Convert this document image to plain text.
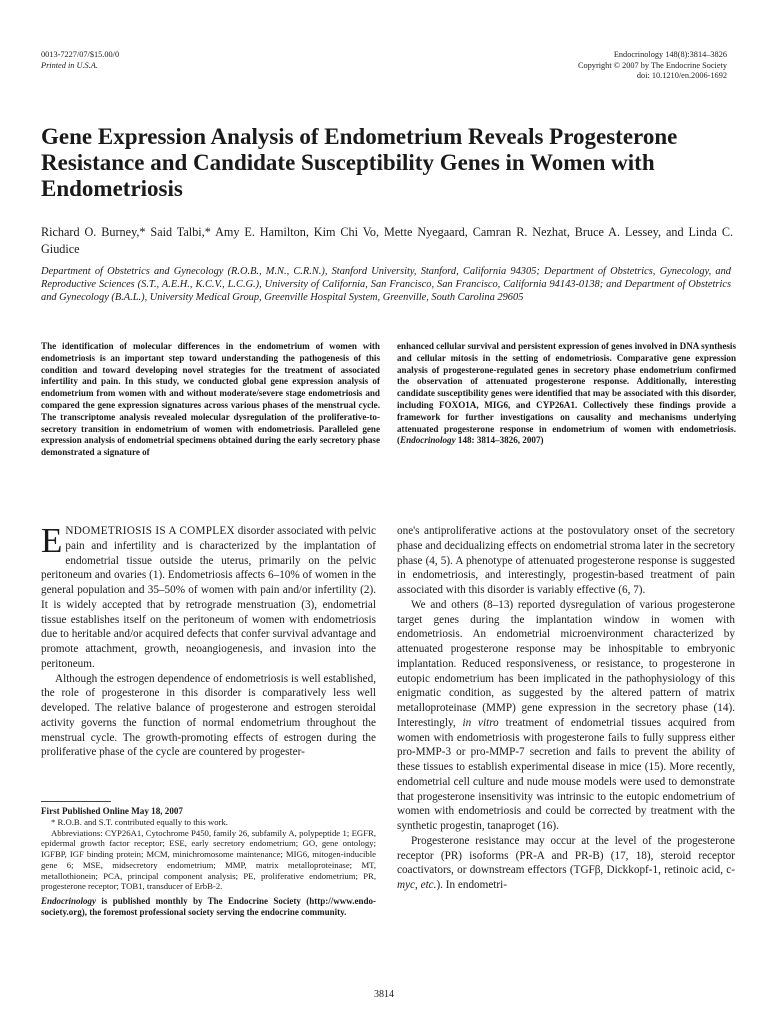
0013-7227/07/$15.00/0

Printed in U.S.A.

Endocrinology 148(8):3814–3826

Copyright © 2007 by The Endocrine Society

doi: 10.1210/en.2006-1692

Gene Expression Analysis of Endometrium Reveals Progesterone Resistance and Candidate Susceptibility Genes in Women with Endometriosis

Richard O. Burney,* Said Talbi,* Amy E. Hamilton, Kim Chi Vo, Mette Nyegaard, Camran R. Nezhat, Bruce A. Lessey, and Linda C. Giudice

Department of Obstetrics and Gynecology (R.O.B., M.N., C.R.N.), Stanford University, Stanford, California 94305; Department of Obstetrics, Gynecology, and Reproductive Sciences (S.T., A.E.H., K.C.V., L.C.G.), University of California, San Francisco, San Francisco, California 94143-0138; and Department of Obstetrics and Gynecology (B.A.L.), University Medical Group, Greenville Hospital System, Greenville, South Carolina 29605

The identification of molecular differences in the endometrium of women with endometriosis is an important step toward understanding the pathogenesis of this condition and toward developing novel strategies for the treatment of associated infertility and pain. In this study, we conducted global gene expression analysis of endometrium from women with and without moderate/severe stage endometriosis and compared the gene expression signatures across various phases of the menstrual cycle. The transcriptome analysis revealed molecular dysregulation of the proliferative-to-secretory transition in endometrium of women with endometriosis. Paralleled gene expression analysis of endometrial specimens obtained during the early secretory phase demonstrated a signature of

enhanced cellular survival and persistent expression of genes involved in DNA synthesis and cellular mitosis in the setting of endometriosis. Comparative gene expression analysis of progesterone-regulated genes in secretory phase endometrium confirmed the observation of attenuated progesterone response. Additionally, interesting candidate susceptibility genes were identified that may be associated with this disorder, including FOXO1A, MIG6, and CYP26A1. Collectively these findings provide a framework for further investigations on causality and mechanisms underlying attenuated progesterone response in endometrium of women with endometriosis. (Endocrinology 148: 3814–3826, 2007)

ENDOMETRIOSIS IS A COMPLEX disorder associated with pelvic pain and infertility and is characterized by the implantation of endometrial tissue outside the uterus, primarily on the pelvic peritoneum and ovaries (1). Endometriosis affects 6–10% of women in the general population and 35–50% of women with pain and/or infertility (2). It is widely accepted that by retrograde menstruation (3), endometrial tissue establishes itself on the peritoneum of women with endometriosis due to heritable and/or acquired defects that confer survival advantage and promote attachment, growth, neoangiogenesis, and invasion into the peritoneum.

Although the estrogen dependence of endometriosis is well established, the role of progesterone in this disorder is comparatively less well developed. The relative balance of progesterone and estrogen steroidal activity governs the function of normal endometrium throughout the menstrual cycle. The growth-promoting effects of estrogen during the proliferative phase of the cycle are countered by progester-

First Published Online May 18, 2007

* R.O.B. and S.T. contributed equally to this work.

Abbreviations: CYP26A1, Cytochrome P450, family 26, subfamily A, polypeptide 1; EGFR, epidermal growth factor receptor; ESE, early secretory endometrium; GO, gene ontology; IGFBP, IGF binding protein; MCM, minichromosome maintenance; MIG6, mitogen-inducible gene 6; MSE, midsecretory endometrium; MMP, matrix metalloproteinase; MT, metallothionein; PCA, principal component analysis; PE, proliferative endometrium; PR, progesterone receptor; TOB1, transducer of ErbB-2.

Endocrinology is published monthly by The Endocrine Society (http://www.endo-society.org), the foremost professional society serving the endocrine community.

one's antiproliferative actions at the postovulatory onset of the secretory phase and decidualizing effects on endometrial stroma later in the secretory phase (4, 5). A phenotype of attenuated progesterone response is suggested in endometriosis, and interestingly, progestin-based treatment of pain associated with this disorder is variably effective (6, 7).

We and others (8–13) reported dysregulation of various progesterone target genes during the implantation window in women with endometriosis. An endometrial microenvironment characterized by attenuated progesterone response may be inhospitable to embryonic implantation. Reduced responsiveness, or resistance, to progesterone in eutopic endometrium has been implicated in the pathophysiology of this enigmatic condition, as suggested by the altered pattern of matrix metalloproteinase (MMP) gene expression in the secretory phase (14). Interestingly, in vitro treatment of endometrial tissues acquired from women with endometriosis with progesterone fails to fully suppress either pro-MMP-3 or pro-MMP-7 secretion and fails to prevent the ability of these tissues to establish experimental disease in mice (15). More recently, endometrial cell culture and nude mouse models were used to demonstrate that progesterone insensitivity was intrinsic to the eutopic endometrium of women with endometriosis and could be corrected by treatment with the synthetic progestin, tanaproget (16).

Progesterone resistance may occur at the level of the progesterone receptor (PR) isoforms (PR-A and PR-B) (17, 18), steroid receptor coactivators, or downstream effectors (TGFβ, Dickkopf-1, retinoic acid, c-myc, etc.). In endometri-

3814
